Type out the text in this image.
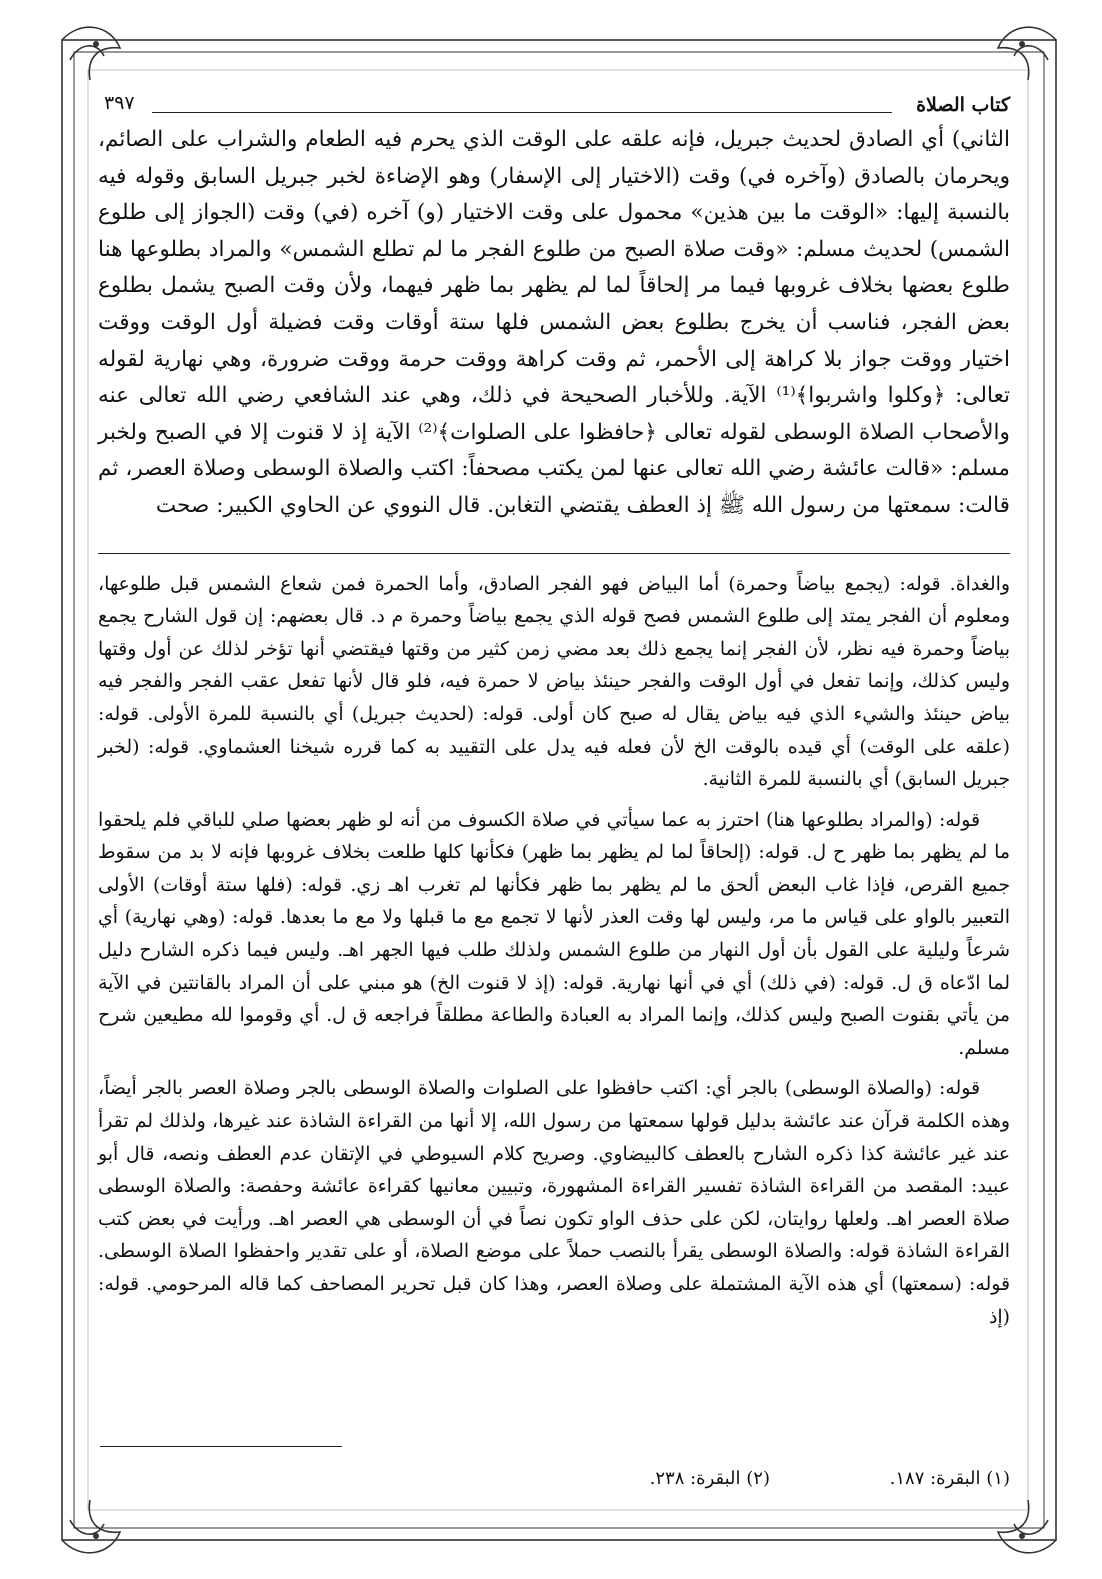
كتاب الصلاة
٣٩٧

الثاني) أي الصادق لحديث جبريل، فإنه علقه على الوقت الذي يحرم فيه الطعام والشراب على الصائم، ويحرمان بالصادق (وآخره في) وقت (الاختيار إلى الإسفار) وهو الإضاءة لخبر جبريل السابق وقوله فيه بالنسبة إليها: «الوقت ما بين هذين» محمول على وقت الاختيار (و) آخره (في) وقت (الجواز إلى طلوع الشمس) لحديث مسلم: «وقت صلاة الصبح من طلوع الفجر ما لم تطلع الشمس» والمراد بطلوعها هنا طلوع بعضها بخلاف غروبها فيما مر إلحاقاً لما لم يظهر بما ظهر فيهما، ولأن وقت الصبح يشمل بطلوع بعض الفجر، فناسب أن يخرج بطلوع بعض الشمس فلها ستة أوقات وقت فضيلة أول الوقت ووقت اختيار ووقت جواز بلا كراهة إلى الأحمر، ثم وقت كراهة ووقت حرمة ووقت ضرورة، وهي نهارية لقوله تعالى: ﴿وكلوا واشربوا﴾⁽¹⁾ الآية. وللأخبار الصحيحة في ذلك، وهي عند الشافعي رضي الله تعالى عنه والأصحاب الصلاة الوسطى لقوله تعالى ﴿حافظوا على الصلوات﴾⁽²⁾ الآية إذ لا قنوت إلا في الصبح ولخبر مسلم: «قالت عائشة رضي الله تعالى عنها لمن يكتب مصحفاً: اكتب والصلاة الوسطى وصلاة العصر، ثم قالت: سمعتها من رسول الله ﷺ إذ العطف يقتضي التغابن. قال النووي عن الحاوي الكبير: صحت

والغداة. قوله: (يجمع بياضاً وحمرة) أما البياض فهو الفجر الصادق، وأما الحمرة فمن شعاع الشمس قبل طلوعها، ومعلوم أن الفجر يمتد إلى طلوع الشمس فصح قوله الذي يجمع بياضاً وحمرة م د. قال بعضهم: إن قول الشارح يجمع بياضاً وحمرة فيه نظر، لأن الفجر إنما يجمع ذلك بعد مضي زمن كثير من وقتها فيقتضي أنها تؤخر لذلك عن أول وقتها وليس كذلك، وإنما تفعل في أول الوقت والفجر حينئذ بياض لا حمرة فيه، فلو قال لأنها تفعل عقب الفجر والفجر فيه بياض حينئذ والشيء الذي فيه بياض يقال له صبح كان أولى. قوله: (لحديث جبريل) أي بالنسبة للمرة الأولى. قوله: (علقه على الوقت) أي قيده بالوقت الخ لأن فعله فيه يدل على التقييد به كما قرره شيخنا العشماوي. قوله: (لخبر جبريل السابق) أي بالنسبة للمرة الثانية.

قوله: (والمراد بطلوعها هنا) احترز به عما سيأتي في صلاة الكسوف من أنه لو ظهر بعضها صلي للباقي فلم يلحقوا ما لم يظهر بما ظهر ح ل. قوله: (إلحاقاً لما لم يظهر بما ظهر) فكأنها كلها طلعت بخلاف غروبها فإنه لا بد من سقوط جميع القرص، فإذا غاب البعض ألحق ما لم يظهر بما ظهر فكأنها لم تغرب اهـ زي. قوله: (فلها ستة أوقات) الأولى التعبير بالواو على قياس ما مر، وليس لها وقت العذر لأنها لا تجمع مع ما قبلها ولا مع ما بعدها. قوله: (وهي نهارية) أي شرعاً وليلية على القول بأن أول النهار من طلوع الشمس ولذلك طلب فيها الجهر اهـ. وليس فيما ذكره الشارح دليل لما ادّعاه ق ل. قوله: (في ذلك) أي في أنها نهارية. قوله: (إذ لا قنوت الخ) هو مبني على أن المراد بالقانتين في الآية من يأتي بقنوت الصبح وليس كذلك، وإنما المراد به العبادة والطاعة مطلقاً فراجعه ق ل. أي وقوموا لله مطيعين شرح مسلم.

قوله: (والصلاة الوسطى) بالجر أي: اكتب حافظوا على الصلوات والصلاة الوسطى بالجر وصلاة العصر بالجر أيضاً، وهذه الكلمة قرآن عند عائشة بدليل قولها سمعتها من رسول الله، إلا أنها من القراءة الشاذة عند غيرها، ولذلك لم تقرأ عند غير عائشة كذا ذكره الشارح بالعطف كالبيضاوي. وصريح كلام السيوطي في الإتقان عدم العطف ونصه، قال أبو عبيد: المقصد من القراءة الشاذة تفسير القراءة المشهورة، وتبيين معانيها كقراءة عائشة وحفصة: والصلاة الوسطى صلاة العصر اهـ. ولعلها روايتان، لكن على حذف الواو تكون نصاً في أن الوسطى هي العصر اهـ. ورأيت في بعض كتب القراءة الشاذة قوله: والصلاة الوسطى يقرأ بالنصب حملاً على موضع الصلاة، أو على تقدير واحفظوا الصلاة الوسطى. قوله: (سمعتها) أي هذه الآية المشتملة على وصلاة العصر، وهذا كان قبل تحرير المصاحف كما قاله المرحومي. قوله: (إذ

(١) البقرة: ١٨٧.
(٢) البقرة: ٢٣٨.
